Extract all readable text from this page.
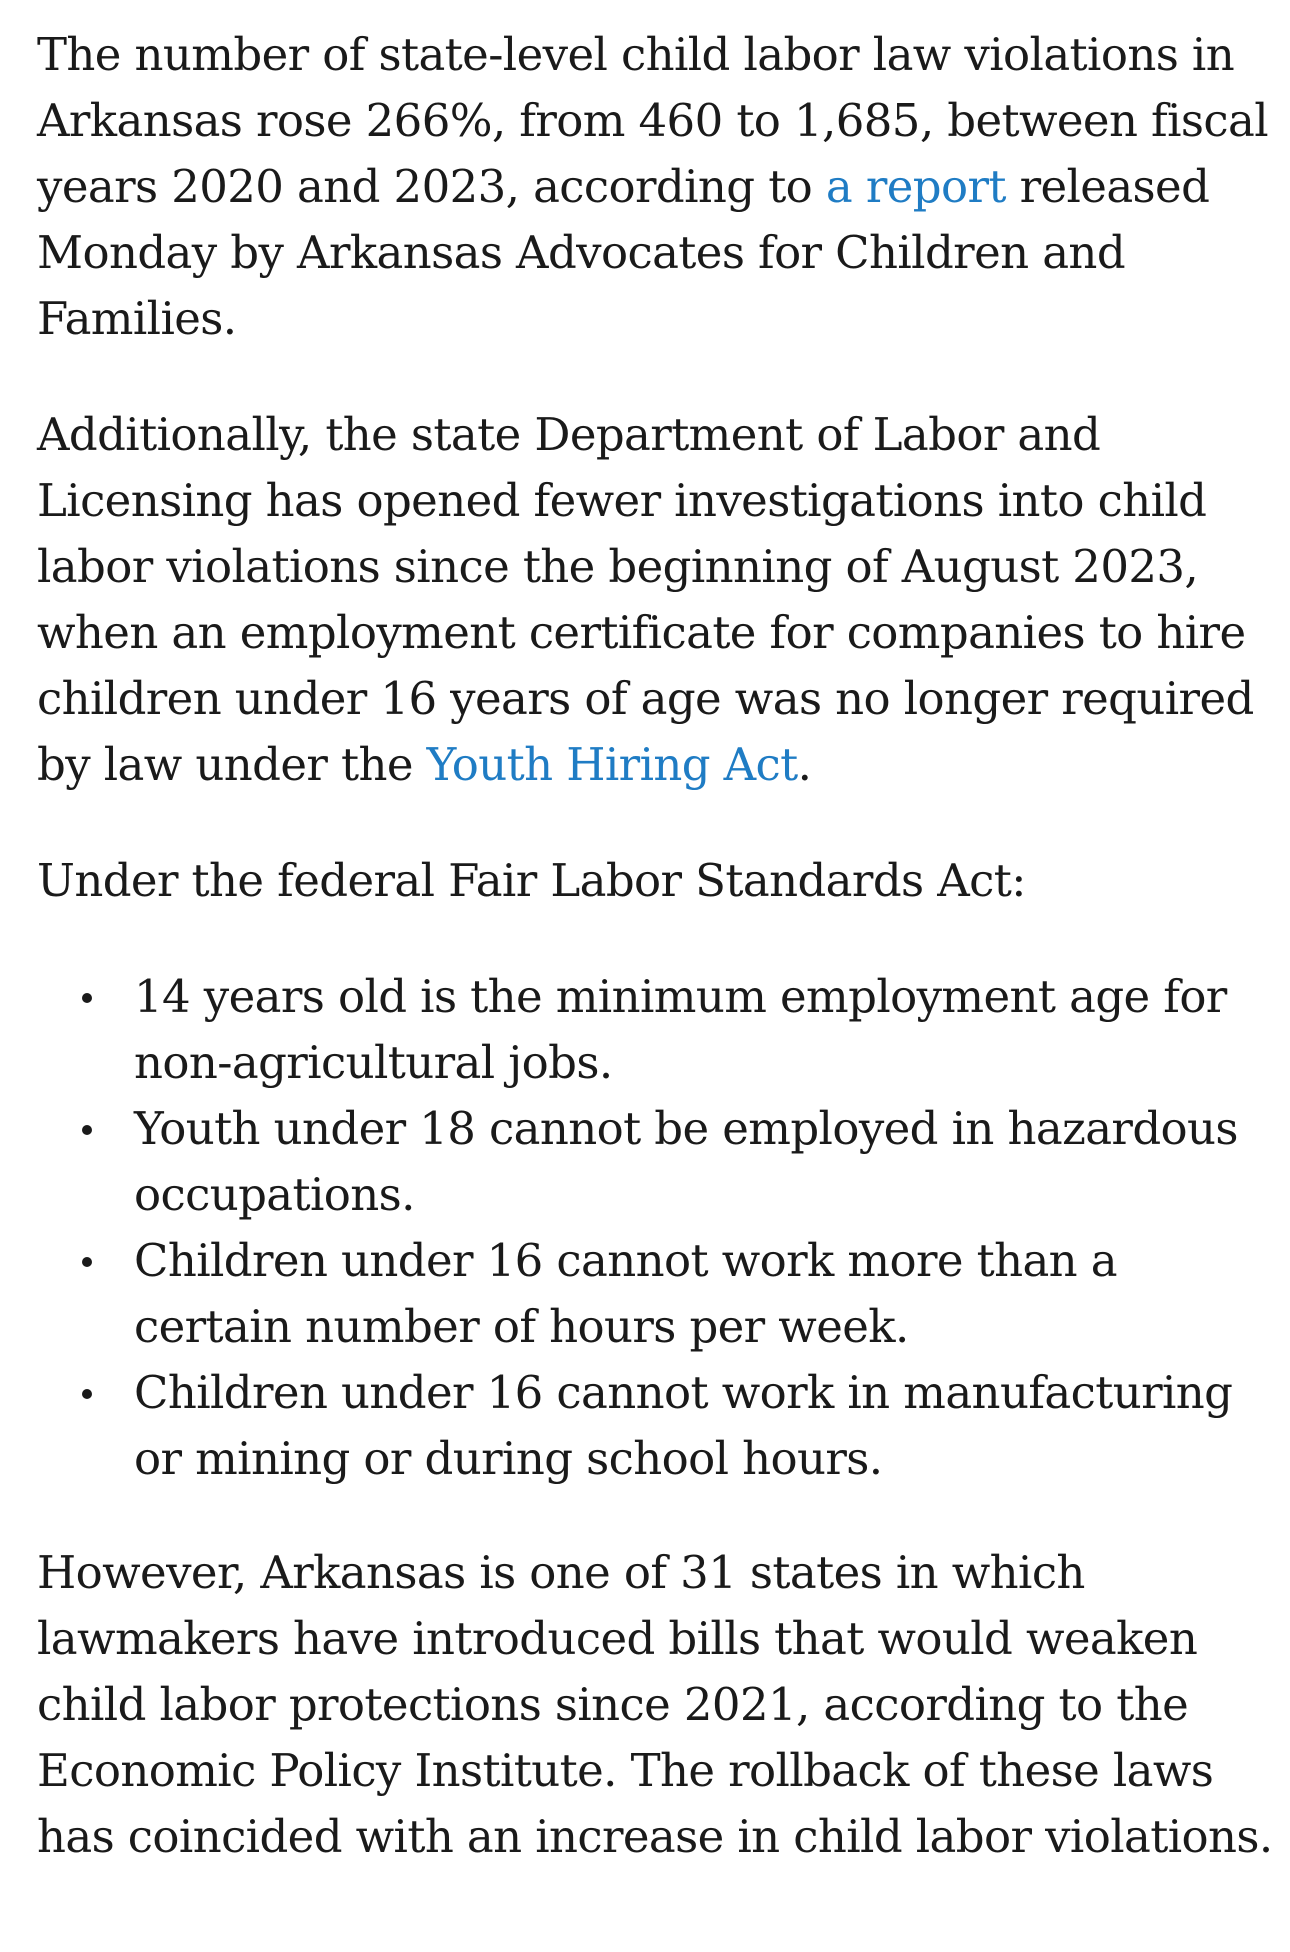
The number of state-level child labor law violations in Arkansas rose 266%, from 460 to 1,685, between fiscal years 2020 and 2023, according to a report released Monday by Arkansas Advocates for Children and Families.

Additionally, the state Department of Labor and Licensing has opened fewer investigations into child labor violations since the beginning of August 2023, when an employment certificate for companies to hire children under 16 years of age was no longer required by law under the Youth Hiring Act.

Under the federal Fair Labor Standards Act:

14 years old is the minimum employment age for non-agricultural jobs.
Youth under 18 cannot be employed in hazardous occupations.
Children under 16 cannot work more than a certain number of hours per week.
Children under 16 cannot work in manufacturing or mining or during school hours.

However, Arkansas is one of 31 states in which lawmakers have introduced bills that would weaken child labor protections since 2021, according to the Economic Policy Institute. The rollback of these laws has coincided with an increase in child labor violations.
